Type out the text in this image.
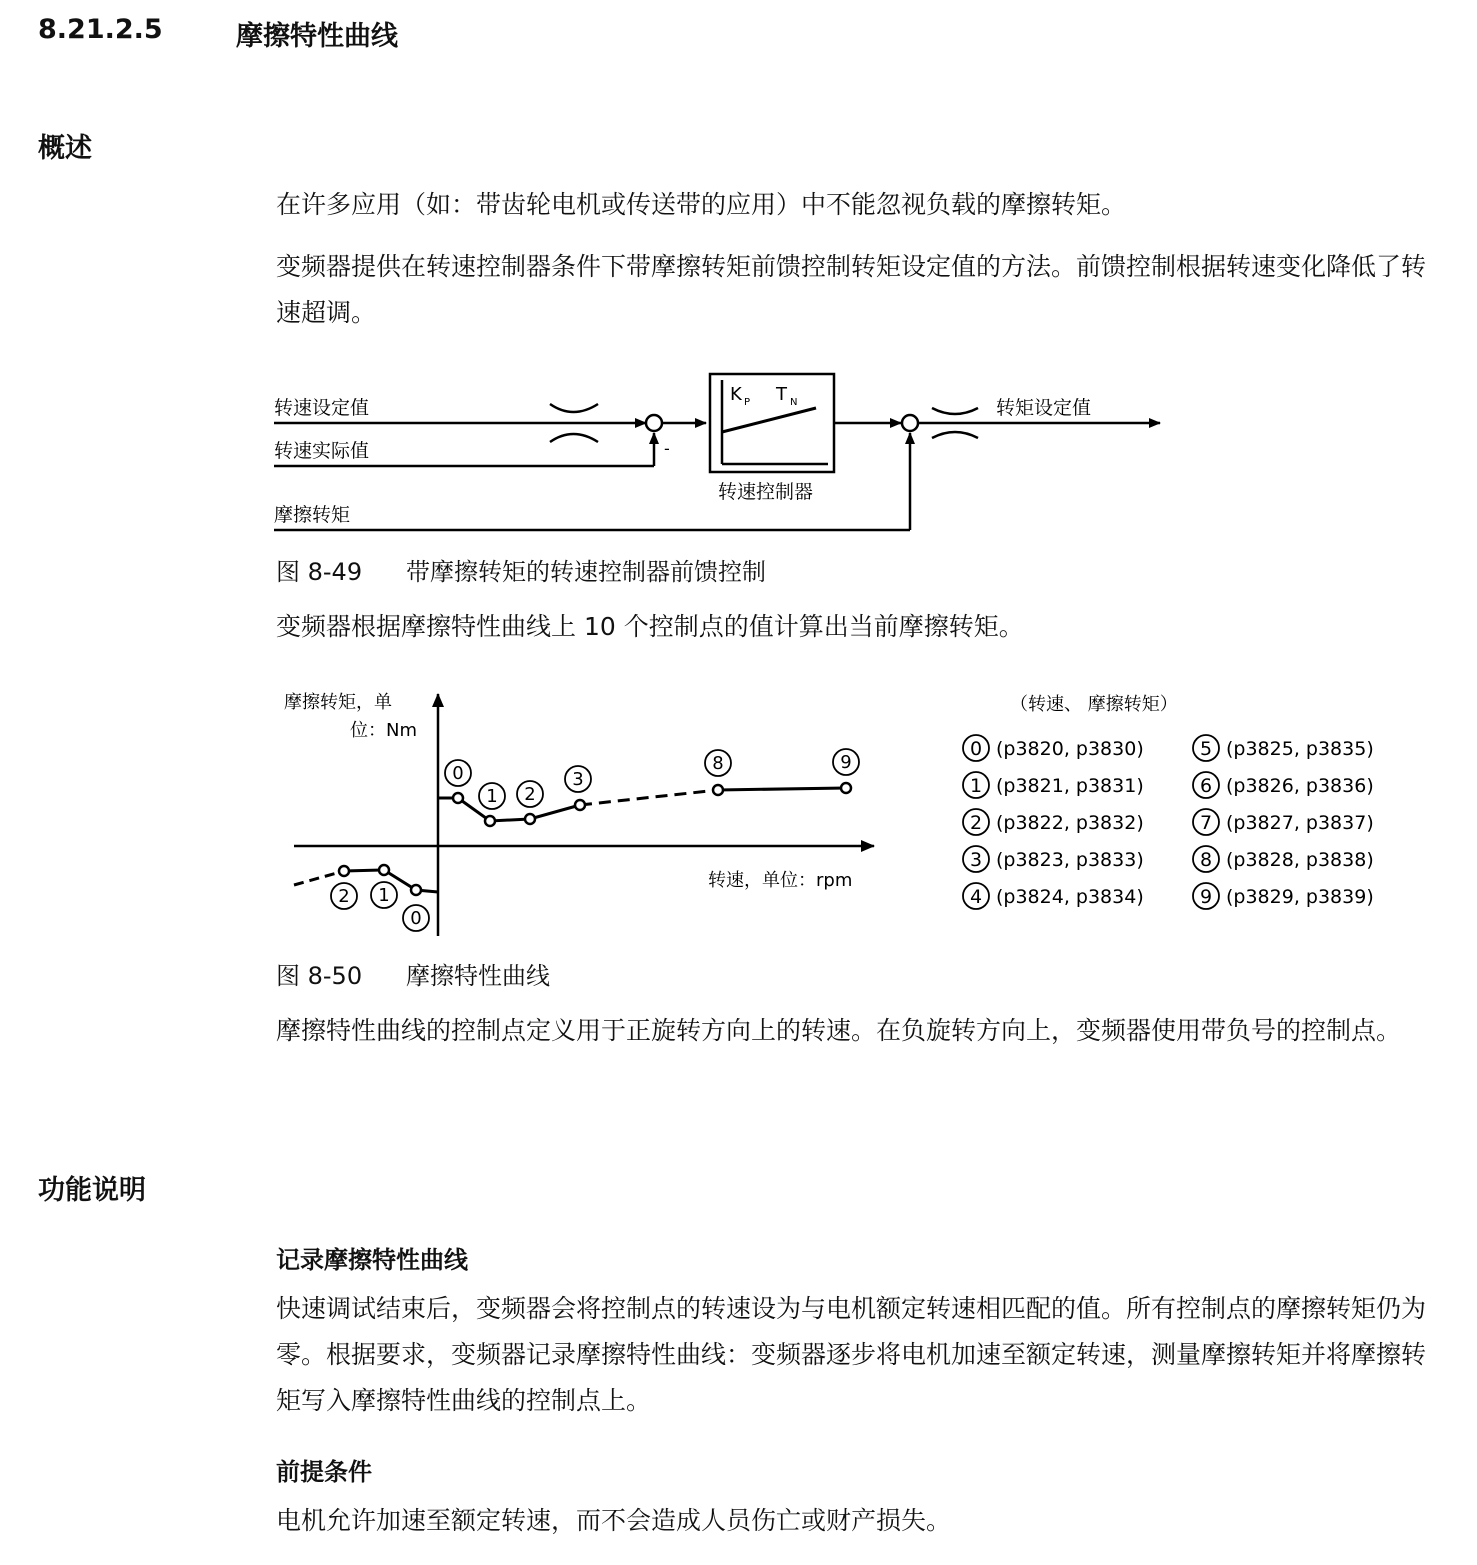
8.21.2.5	摩擦特性曲线
概述
在许多应用（如：带齿轮电机或传送带的应用）中不能忽视负载的摩擦转矩。
变频器提供在转速控制器条件下带摩擦转矩前馈控制转矩设定值的方法。前馈控制根据转速变化降低了转速超调。
转速设定值
转速实际值	-
K P T N
转速控制器
摩擦转矩
转矩设定值
图 8-49 带摩擦转矩的转速控制器前馈控制
变频器根据摩擦特性曲线上 10 个控制点的值计算出当前摩擦转矩。
摩擦转矩，单
位：Nm
转速，单位：rpm
0
1 2
3
8	9
2 1
0
（转速、 摩擦转矩）
0 (p3820, p3830)
1 (p3821, p3831)
2 (p3822, p3832)
3 (p3823, p3833)
4 (p3824, p3834)
5 (p3825, p3835)
6 (p3826, p3836)
7 (p3827, p3837)
8 (p3828, p3838)
9 (p3829, p3839)
图 8-50 摩擦特性曲线
摩擦特性曲线的控制点定义用于正旋转方向上的转速。在负旋转方向上，变频器使用带负号的控制点。
功能说明
记录摩擦特性曲线
快速调试结束后，变频器会将控制点的转速设为与电机额定转速相匹配的值。所有控制点的摩擦转矩仍为零。根据要求，变频器记录摩擦特性曲线：变频器逐步将电机加速至额定转速，测量摩擦转矩并将摩擦转矩写入摩擦特性曲线的控制点上。
前提条件
电机允许加速至额定转速，而不会造成人员伤亡或财产损失。
